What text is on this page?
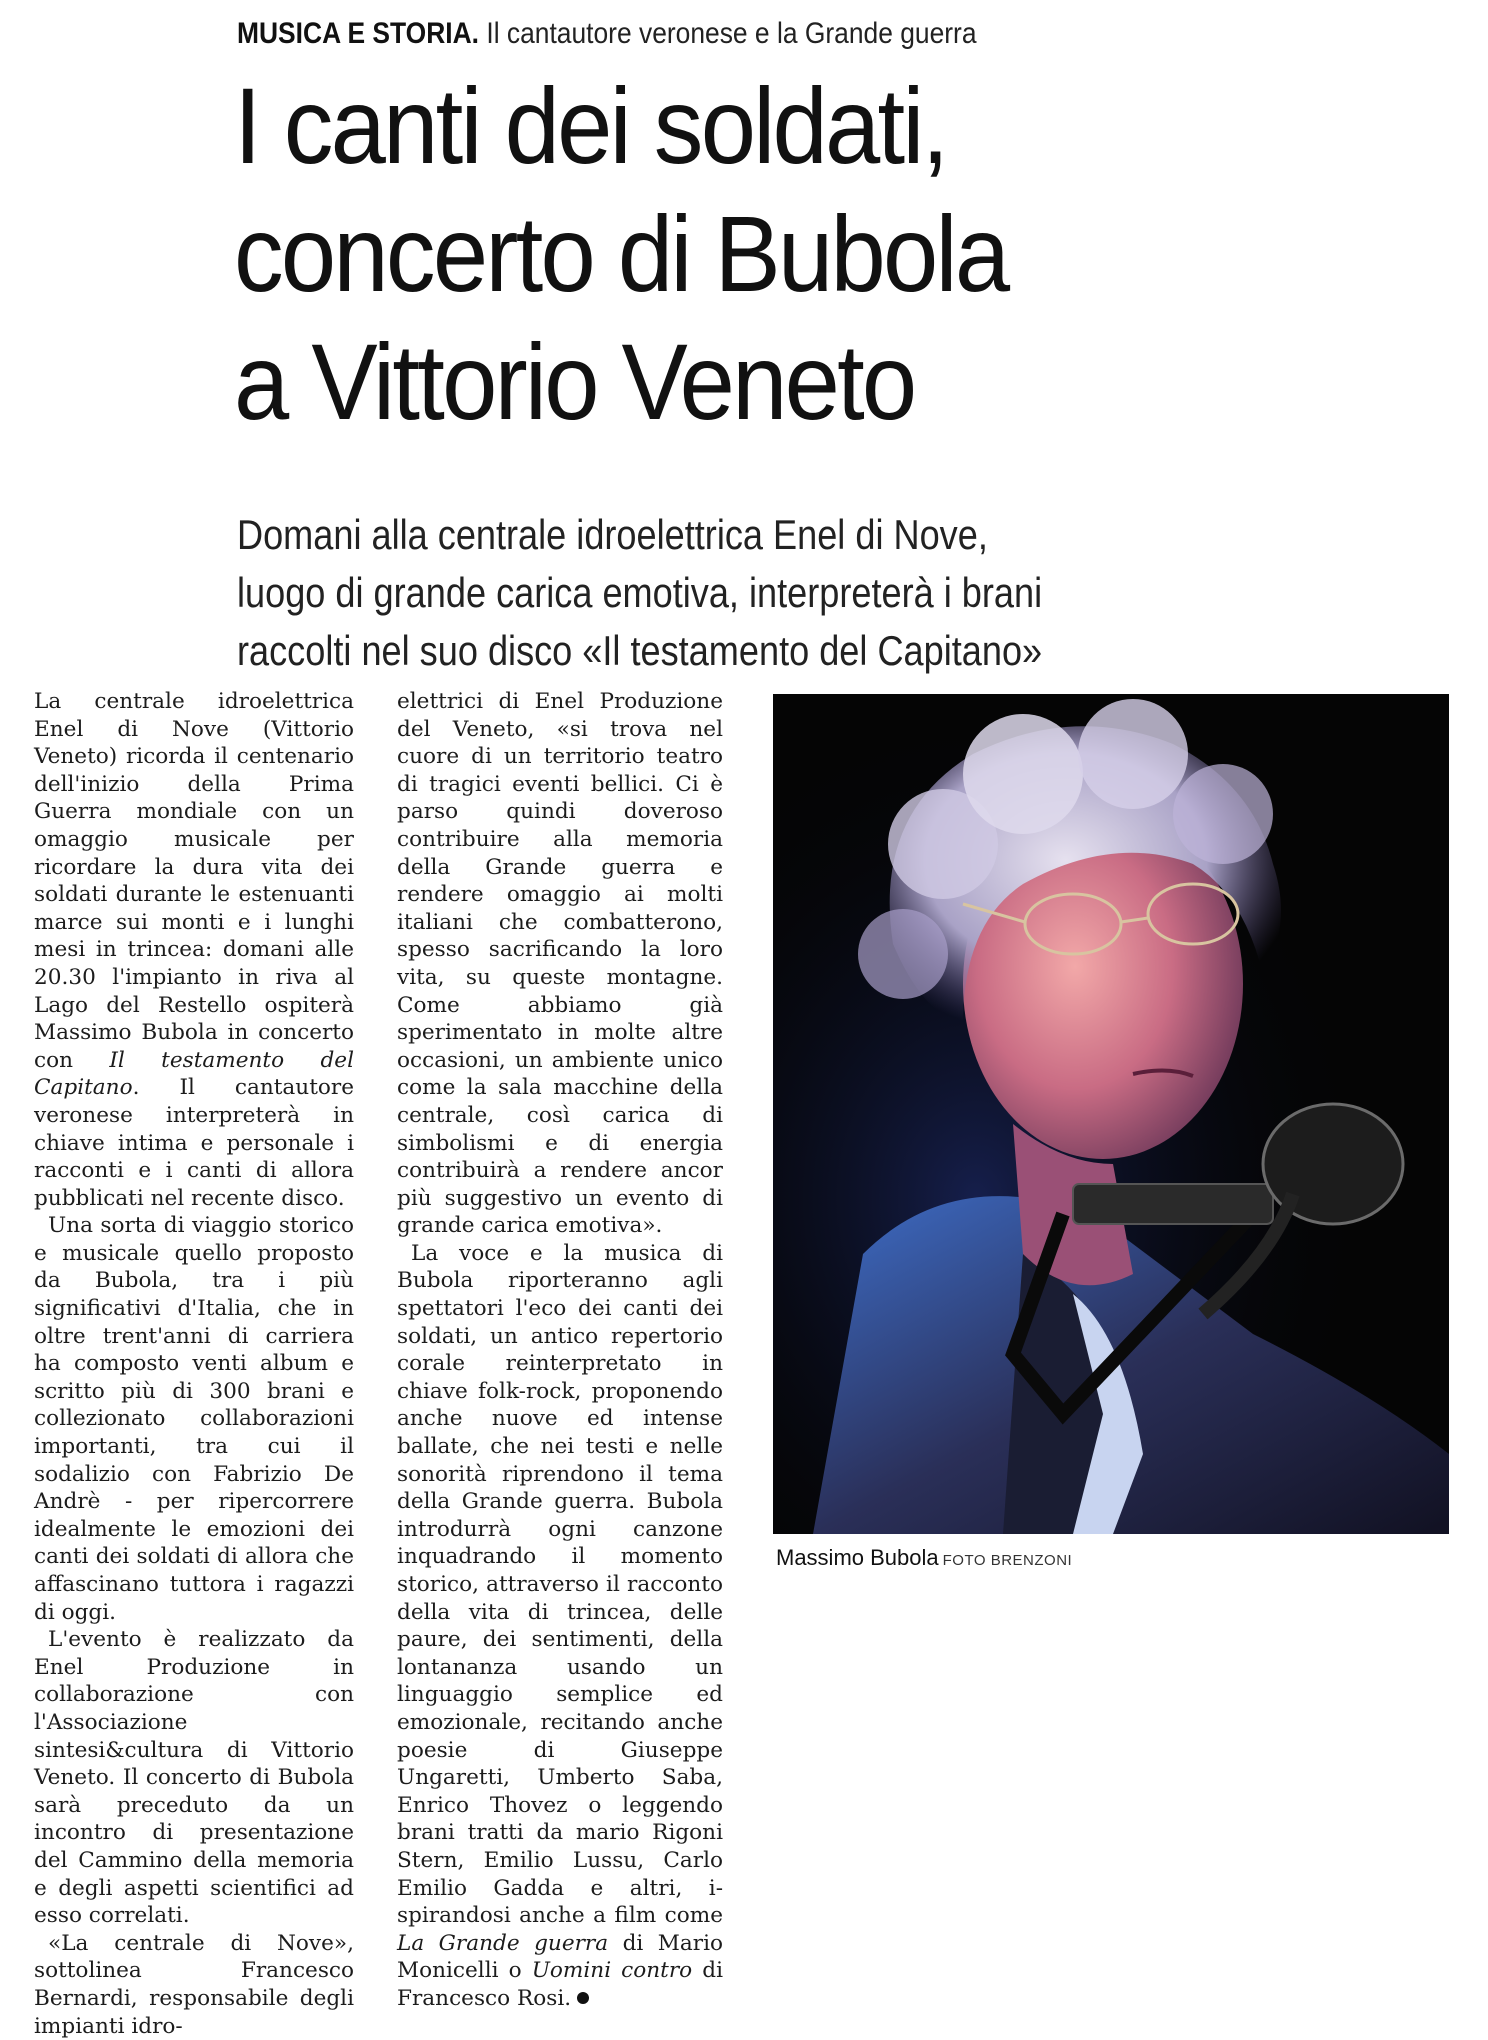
MUSICA E STORIA. Il cantautore veronese e la Grande guerra
I canti dei soldati,
concerto di Bubola
a Vittorio Veneto
Domani alla centrale idroelettrica Enel di Nove,
luogo di grande carica emotiva, interpreterà i brani
raccolti nel suo disco «Il testamento del Capitano»

La centrale idroelettrica Enel di Nove (Vittorio Veneto) ricorda il centenario dell'inizio della Prima Guerra mondiale con un omaggio musicale per ricordare la dura vita dei soldati durante le estenuanti marce sui monti e i lunghi mesi in trincea: domani alle 20.30 l'impianto in riva al Lago del Restello ospiterà Massimo Bubola in concerto con Il testamento del Capitano. Il cantautore veronese interpreterà in chiave intima e personale i racconti e i canti di allora pubblicati nel recente disco.

Una sorta di viaggio storico e musicale quello proposto da Bubola, tra i più significativi d'Italia, che in oltre trent'anni di carriera ha composto venti album e scritto più di 300 brani e collezionato collaborazioni importanti, tra cui il sodalizio con Fabrizio De Andrè - per ripercorrere idealmente le emozioni dei canti dei soldati di allora che affascinano tuttora i ragazzi di oggi.

L'evento è realizzato da Enel Produzione in collaborazione con l'Associazione sintesi&cultura di Vittorio Veneto. Il concerto di Bubola sarà preceduto da un incontro di presentazione del Cammino della memoria e degli aspetti scientifici ad esso correlati.

«La centrale di Nove», sottolinea Francesco Bernardi, responsabile degli impianti idro-

elettrici di Enel Produzione del Veneto, «si trova nel cuore di un territorio teatro di tragici eventi bellici. Ci è parso quindi doveroso contribuire alla memoria della Grande guerra e rendere omaggio ai molti italiani che combatterono, spesso sacrificando la loro vita, su queste montagne. Come abbiamo già sperimentato in molte altre occasioni, un ambiente unico come la sala macchine della centrale, così carica di simbolismi e di energia contribuirà a rendere ancor più suggestivo un evento di grande carica emotiva».

La voce e la musica di Bubola riporteranno agli spettatori l'eco dei canti dei soldati, un antico repertorio corale reinterpretato in chiave folk-rock, proponendo anche nuove ed intense ballate, che nei testi e nelle sonorità riprendono il tema della Grande guerra. Bubola introdurrà ogni canzone inquadrando il momento storico, attraverso il racconto della vita di trincea, delle paure, dei sentimenti, della lontananza usando un linguaggio semplice ed emozionale, recitando anche poesie di Giuseppe Ungaretti, Umberto Saba, Enrico Thovez o leggendo brani tratti da mario Rigoni Stern, Emilio Lussu, Carlo Emilio Gadda e altri, i- spirandosi anche a film come La Grande guerra di Mario Monicelli o Uomini contro di Francesco Rosi.

Massimo Bubola FOTO BRENZONI
